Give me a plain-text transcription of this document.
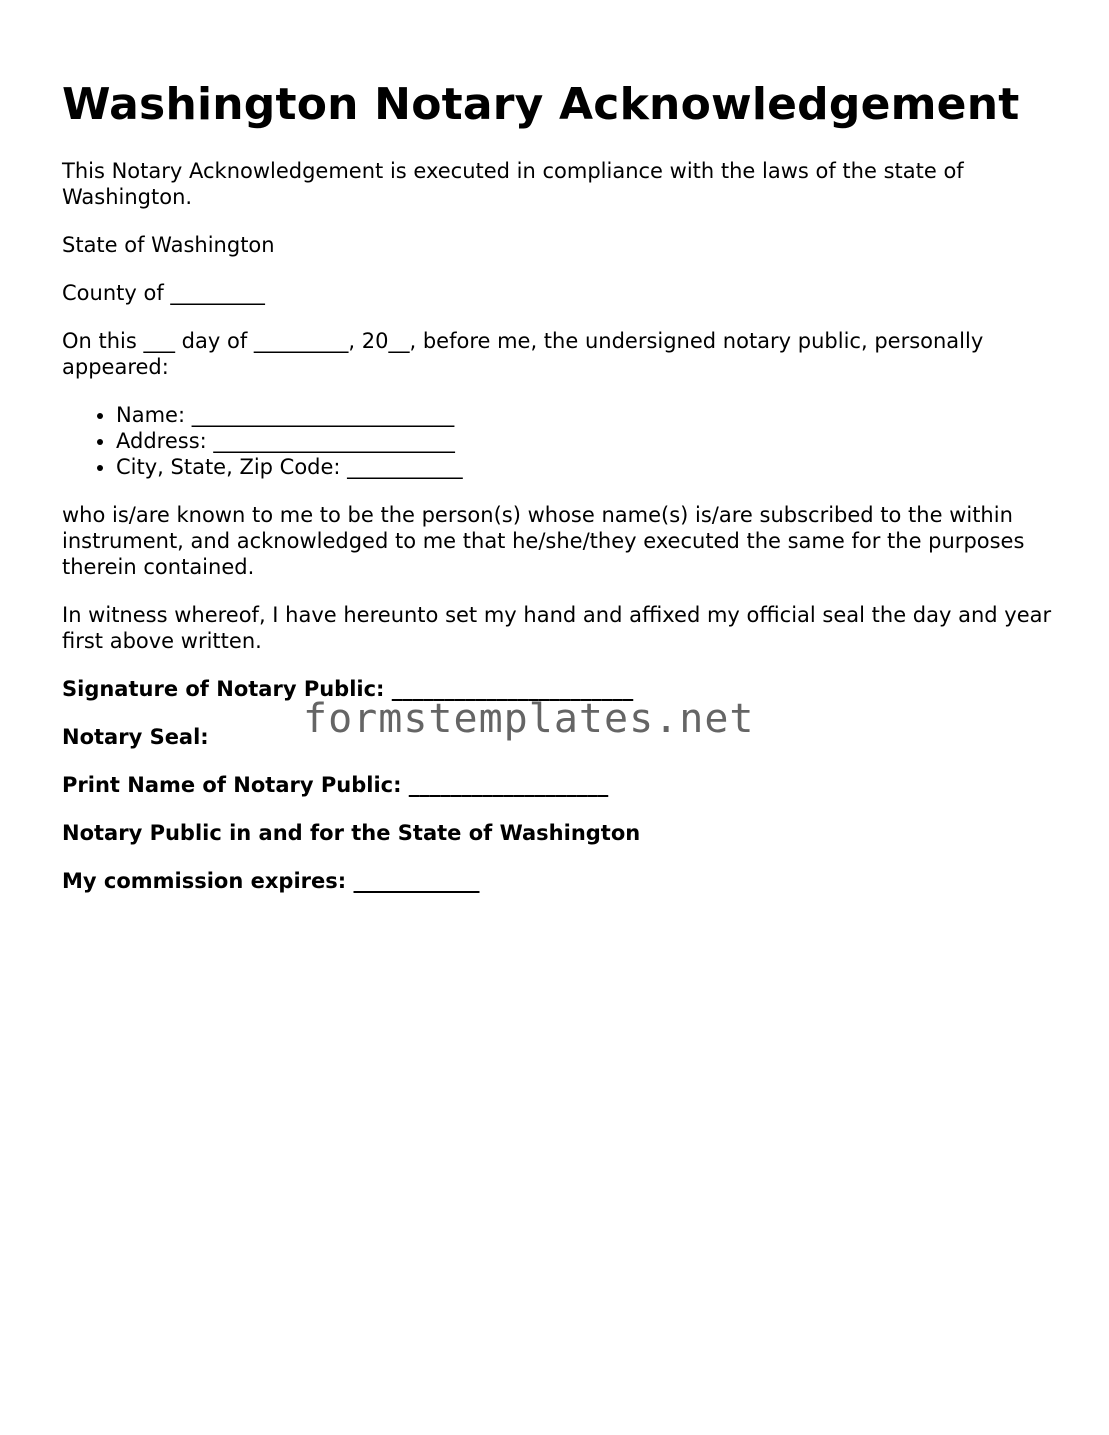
Washington Notary Acknowledgement

This Notary Acknowledgement is executed in compliance with the laws of the state of Washington.

State of Washington

County of _________

On this ___ day of _________, 20__, before me, the undersigned notary public, personally appeared:

• Name: _________________________
• Address: _______________________
• City, State, Zip Code: ___________

who is/are known to me to be the person(s) whose name(s) is/are subscribed to the within instrument, and acknowledged to me that he/she/they executed the same for the purposes therein contained.

In witness whereof, I have hereunto set my hand and affixed my official seal the day and year first above written.

Signature of Notary Public: _______________________

Notary Seal:

Print Name of Notary Public: ___________________

Notary Public in and for the State of Washington

My commission expires: ____________

formstemplates.net
